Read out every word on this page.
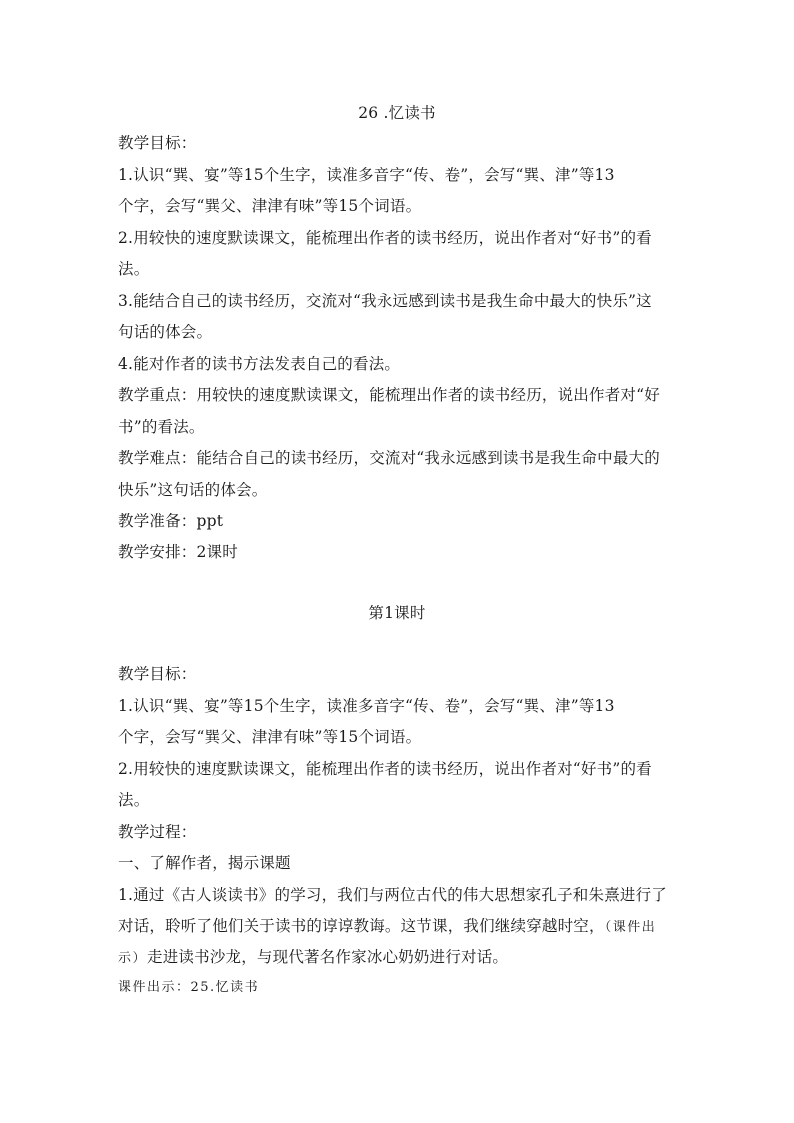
26 .忆读书
教学目标：
1.认识“巽、宴”等15个生字，读准多音字“传、卷”，会写“巽、津”等13
个字，会写“巽父、津津有味”等15个词语。
2.用较快的速度默读课文，能梳理出作者的读书经历，说出作者对“好书”的看
法。
3.能结合自己的读书经历，交流对“我永远感到读书是我生命中最大的快乐”这
句话的体会。
4.能对作者的读书方法发表自己的看法。
教学重点：用较快的速度默读课文，能梳理出作者的读书经历，说出作者对“好
书”的看法。
教学难点：能结合自己的读书经历，交流对“我永远感到读书是我生命中最大的
快乐”这句话的体会。
教学准备：ppt
教学安排：2课时
第1课时
教学目标：
1.认识“巽、宴”等15个生字，读准多音字“传、卷”，会写“巽、津”等13
个字，会写“巽父、津津有味”等15个词语。
2.用较快的速度默读课文，能梳理出作者的读书经历，说出作者对“好书”的看
法。
教学过程：
一、了解作者，揭示课题
1.通过《古人谈读书》的学习，我们与两位古代的伟大思想家孔子和朱熹进行了
对话，聆听了他们关于读书的谆谆教诲。这节课，我们继续穿越时空，（课件出
示）走进读书沙龙，与现代著名作家冰心奶奶进行对话。
课件出示：25.忆读书
